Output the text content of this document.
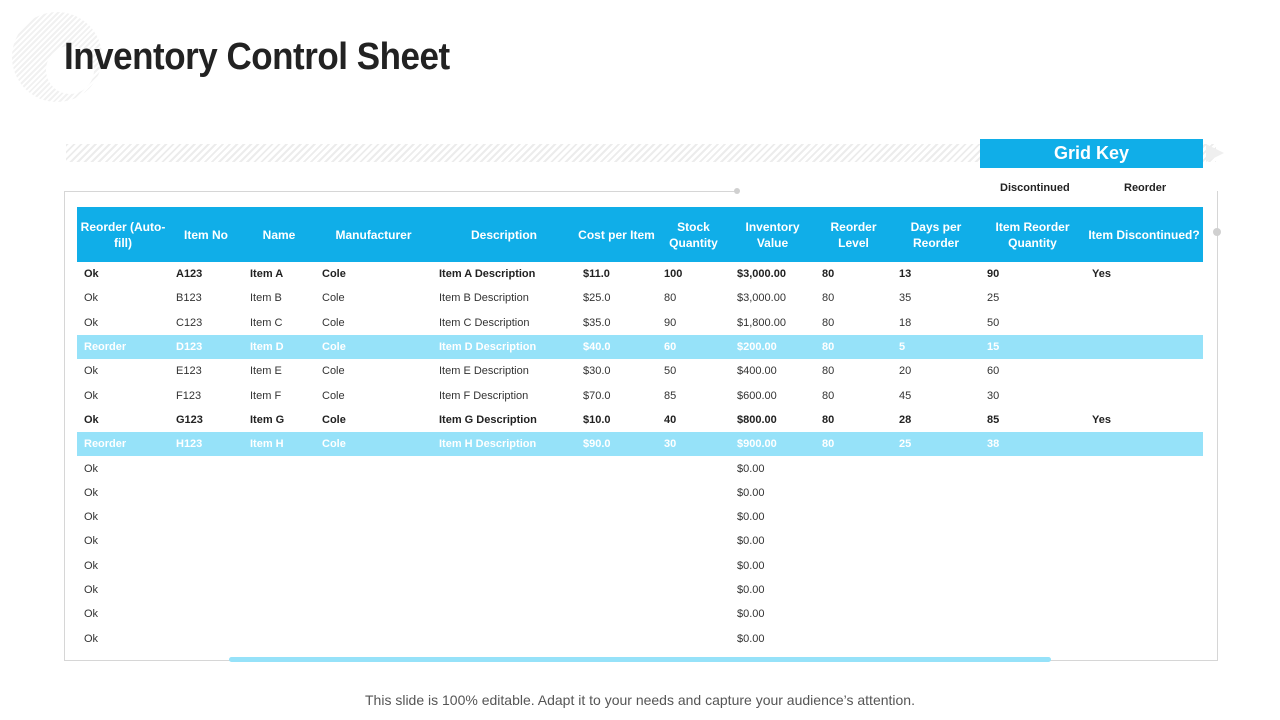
Inventory Control Sheet
Grid Key
Discontinued	Reorder
Reorder (Auto-fill)	Item No	Name	Manufacturer	Description	Cost per Item	Stock Quantity	Inventory Value	Reorder Level	Days per Reorder	Item Reorder Quantity	Item Discontinued?
Ok	A123	Item A	Cole	Item A Description	$11.0	100	$3,000.00	80	13	90	Yes
Ok	B123	Item B	Cole	Item B Description	$25.0	80	$3,000.00	80	35	25	
Ok	C123	Item C	Cole	Item C Description	$35.0	90	$1,800.00	80	18	50	
Reorder	D123	Item D	Cole	Item D Description	$40.0	60	$200.00	80	5	15	
Ok	E123	Item E	Cole	Item E Description	$30.0	50	$400.00	80	20	60	
Ok	F123	Item F	Cole	Item F Description	$70.0	85	$600.00	80	45	30	
Ok	G123	Item G	Cole	Item G Description	$10.0	40	$800.00	80	28	85	Yes
Reorder	H123	Item H	Cole	Item H Description	$90.0	30	$900.00	80	25	38	
Ok							$0.00				
Ok							$0.00				
Ok							$0.00				
Ok							$0.00				
Ok							$0.00				
Ok							$0.00				
Ok							$0.00				
Ok							$0.00				
This slide is 100% editable. Adapt it to your needs and capture your audience’s attention.
